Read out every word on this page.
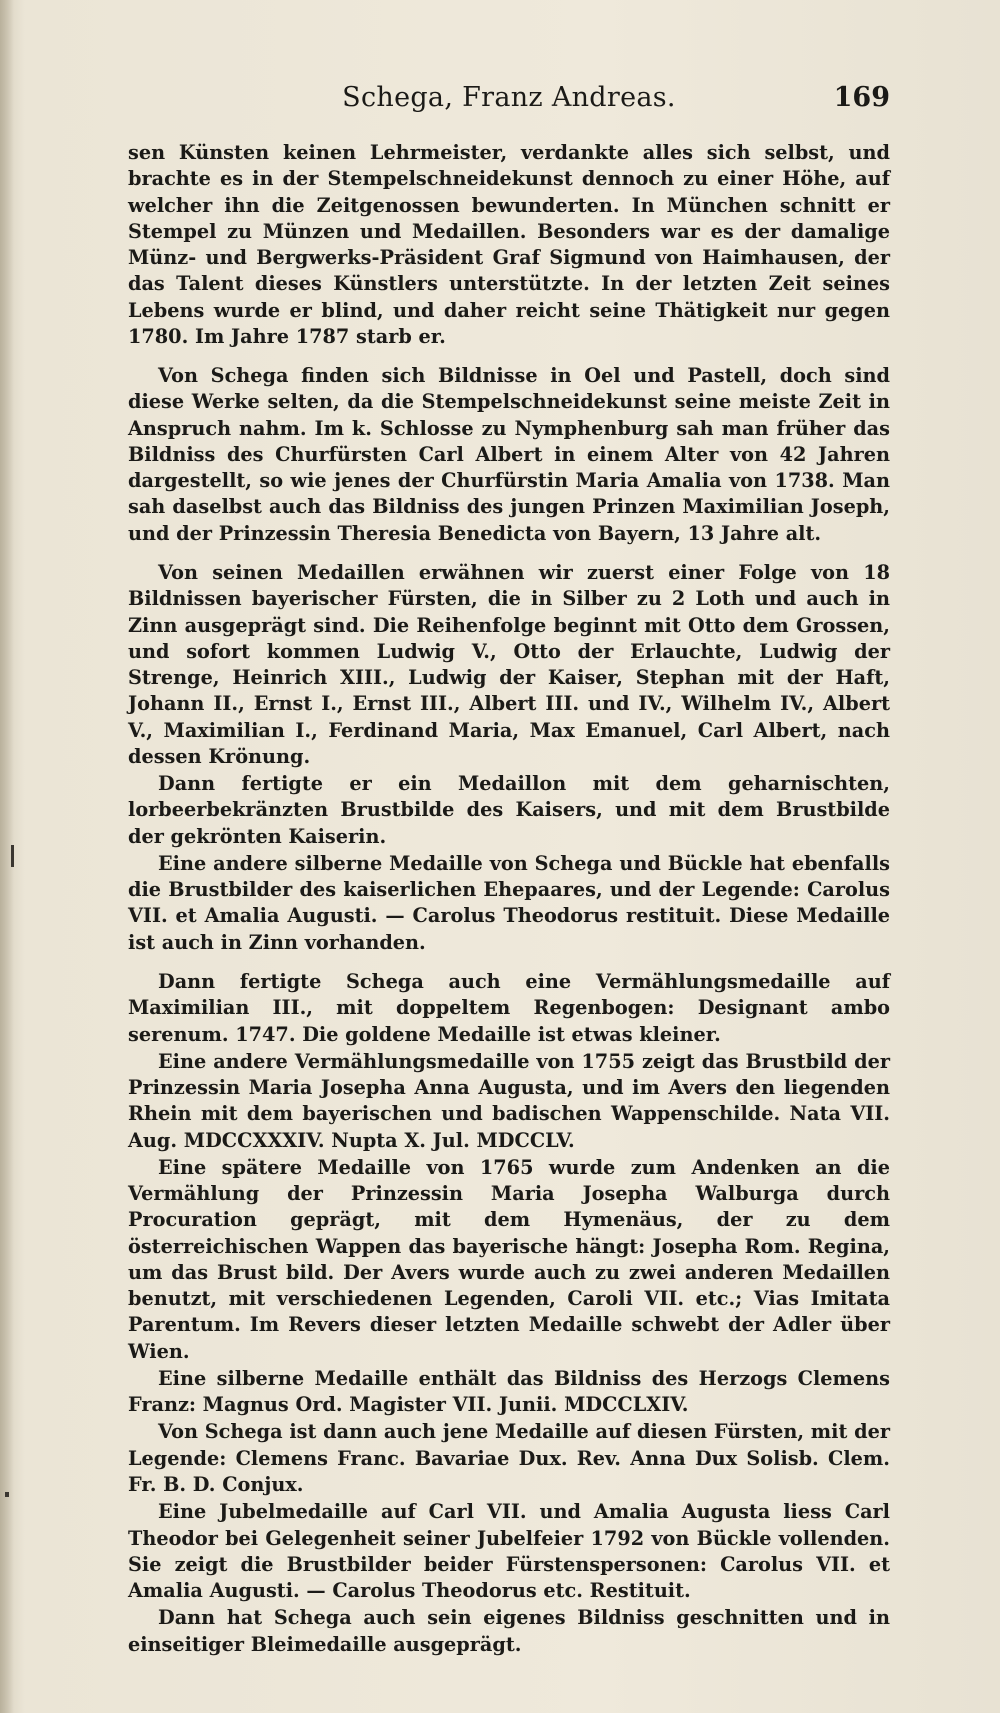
Schega, Franz Andreas.	169

sen Künsten keinen Lehrmeister, verdankte alles sich selbst, und brachte es in der Stempelschneidekunst dennoch zu einer Höhe, auf welcher ihn die Zeitgenossen bewunderten. In München schnitt er Stempel zu Münzen und Medaillen. Besonders war es der damalige Münz- und Bergwerks-Präsident Graf Sigmund von Haimhausen, der das Talent dieses Künstlers unterstützte. In der letzten Zeit seines Lebens wurde er blind, und daher reicht seine Thätigkeit nur gegen 1780. Im Jahre 1787 starb er.

Von Schega finden sich Bildnisse in Oel und Pastell, doch sind diese Werke selten, da die Stempelschneidekunst seine meiste Zeit in Anspruch nahm. Im k. Schlosse zu Nymphenburg sah man früher das Bildniss des Churfürsten Carl Albert in einem Alter von 42 Jahren dargestellt, so wie jenes der Churfürstin Maria Amalia von 1738. Man sah daselbst auch das Bildniss des jungen Prinzen Maximilian Joseph, und der Prinzessin Theresia Benedicta von Bayern, 13 Jahre alt.

Von seinen Medaillen erwähnen wir zuerst einer Folge von 18 Bildnissen bayerischer Fürsten, die in Silber zu 2 Loth und auch in Zinn ausgeprägt sind. Die Reihenfolge beginnt mit Otto dem Grossen, und sofort kommen Ludwig V., Otto der Erlauchte, Ludwig der Strenge, Heinrich XIII., Ludwig der Kaiser, Stephan mit der Haft, Johann II., Ernst I., Ernst III., Albert III. und IV., Wilhelm IV., Albert V., Maximilian I., Ferdinand Maria, Max Emanuel, Carl Albert, nach dessen Krönung.

Dann fertigte er ein Medaillon mit dem geharnischten, lorbeerbekränzten Brustbilde des Kaisers, und mit dem Brustbilde der gekrönten Kaiserin.

Eine andere silberne Medaille von Schega und Bückle hat ebenfalls die Brustbilder des kaiserlichen Ehepaares, und der Legende: Carolus VII. et Amalia Augusti. — Carolus Theodorus restituit. Diese Medaille ist auch in Zinn vorhanden.

Dann fertigte Schega auch eine Vermählungsmedaille auf Maximilian III., mit doppeltem Regenbogen: Designant ambo serenum. 1747. Die goldene Medaille ist etwas kleiner.

Eine andere Vermählungsmedaille von 1755 zeigt das Brustbild der Prinzessin Maria Josepha Anna Augusta, und im Avers den liegenden Rhein mit dem bayerischen und badischen Wappenschilde. Nata VII. Aug. MDCCXXXIV. Nupta X. Jul. MDCCLV.

Eine spätere Medaille von 1765 wurde zum Andenken an die Vermählung der Prinzessin Maria Josepha Walburga durch Procuration geprägt, mit dem Hymenäus, der zu dem österreichischen Wappen das bayerische hängt: Josepha Rom. Regina, um das Brust bild. Der Avers wurde auch zu zwei anderen Medaillen benutzt, mit verschiedenen Legenden, Caroli VII. etc.; Vias Imitata Parentum. Im Revers dieser letzten Medaille schwebt der Adler über Wien.

Eine silberne Medaille enthält das Bildniss des Herzogs Clemens Franz: Magnus Ord. Magister VII. Junii. MDCCLXIV.

Von Schega ist dann auch jene Medaille auf diesen Fürsten, mit der Legende: Clemens Franc. Bavariae Dux. Rev. Anna Dux Solisb. Clem. Fr. B. D. Conjux.

Eine Jubelmedaille auf Carl VII. und Amalia Augusta liess Carl Theodor bei Gelegenheit seiner Jubelfeier 1792 von Bückle vollenden. Sie zeigt die Brustbilder beider Fürstenspersonen: Carolus VII. et Amalia Augusti. — Carolus Theodorus etc. Restituit.

Dann hat Schega auch sein eigenes Bildniss geschnitten und in einseitiger Bleimedaille ausgeprägt.
